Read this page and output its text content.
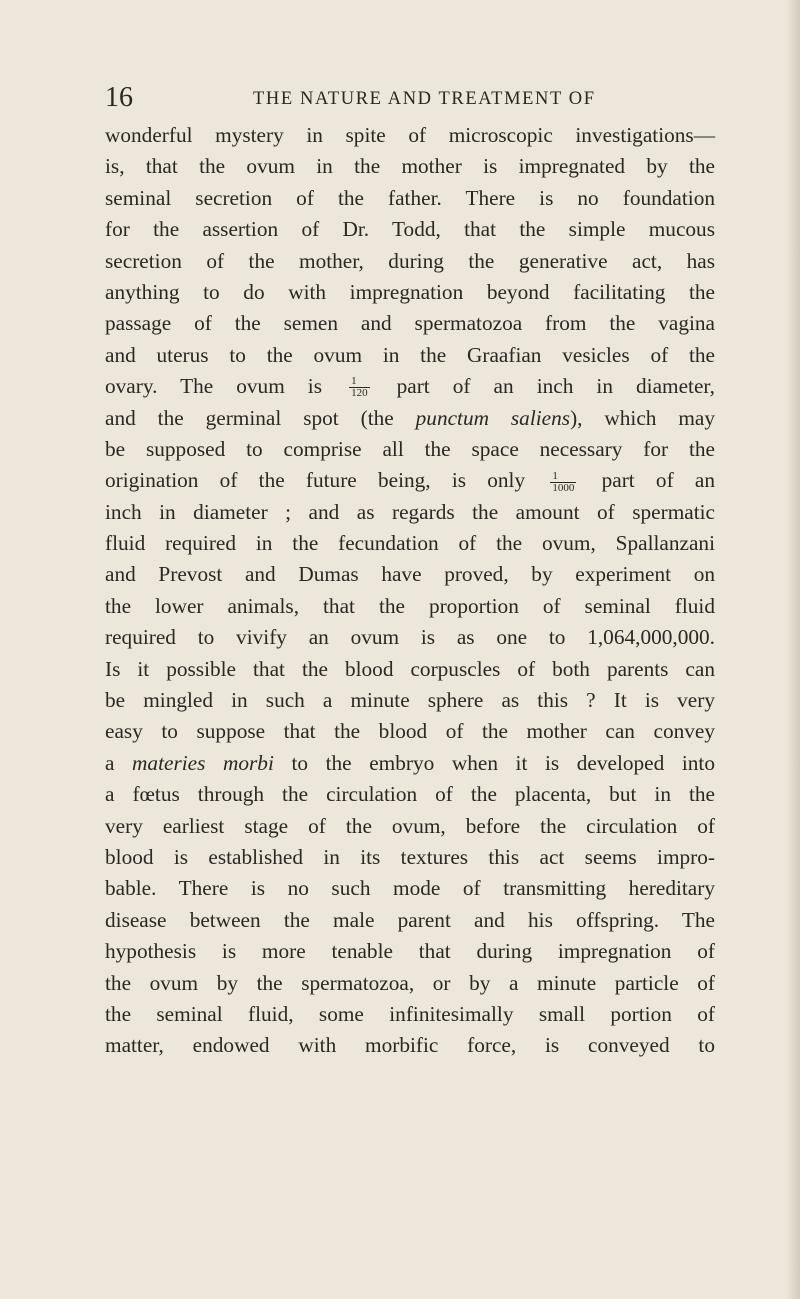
16	THE NATURE AND TREATMENT OF
wonderful mystery in spite of microscopic investigations—
is, that the ovum in the mother is impregnated by the
seminal secretion of the father. There is no foundation
for the assertion of Dr. Todd, that the simple mucous
secretion of the mother, during the generative act, has
anything to do with impregnation beyond facilitating the
passage of the semen and spermatozoa from the vagina
and uterus to the ovum in the Graafian vesicles of the
ovary. The ovum is $\frac{1}{120}$ part of an inch in diameter,
and the germinal spot (the punctum saliens), which may
be supposed to comprise all the space necessary for the
origination of the future being, is only $\frac{1}{1000}$ part of an
inch in diameter ; and as regards the amount of spermatic
fluid required in the fecundation of the ovum, Spallanzani
and Prevost and Dumas have proved, by experiment on
the lower animals, that the proportion of seminal fluid
required to vivify an ovum is as one to 1,064,000,000.
Is it possible that the blood corpuscles of both parents can
be mingled in such a minute sphere as this ? It is very
easy to suppose that the blood of the mother can convey
a materies morbi to the embryo when it is developed into
a fœtus through the circulation of the placenta, but in the
very earliest stage of the ovum, before the circulation of
blood is established in its textures this act seems impro-
bable. There is no such mode of transmitting hereditary
disease between the male parent and his offspring. The
hypothesis is more tenable that during impregnation of
the ovum by the spermatozoa, or by a minute particle of
the seminal fluid, some infinitesimally small portion of
matter, endowed with morbific force, is conveyed to
